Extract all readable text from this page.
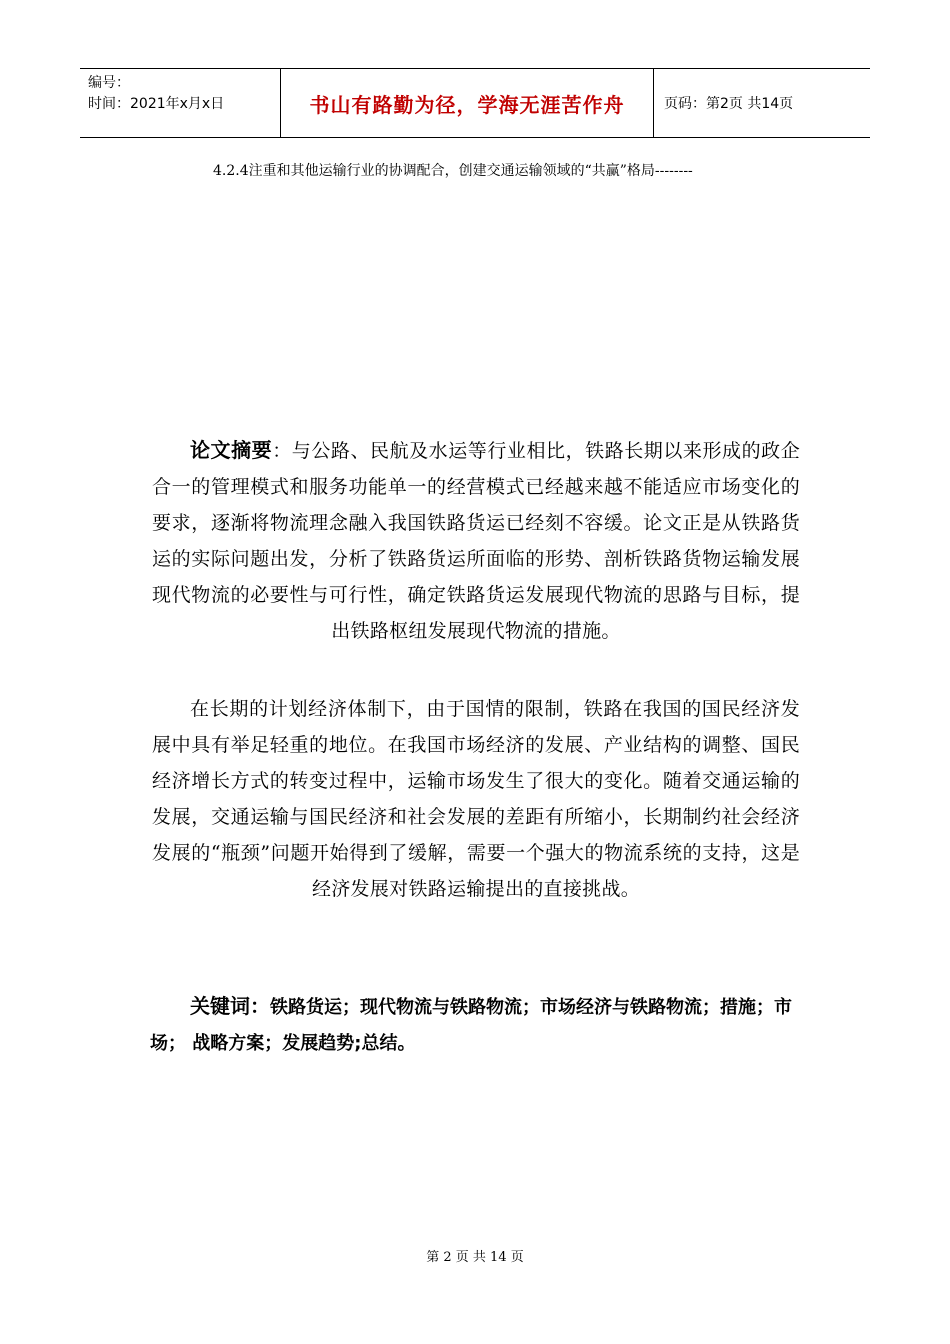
编号：
时间：2021年x月x日	书山有路勤为径，学海无涯苦作舟	页码：第2页 共14页
4.2.4注重和其他运输行业的协调配合，创建交通运输领域的“共赢”格局--------

论文摘要：与公路、民航及水运等行业相比，铁路长期以来形成的政企合一的管理模式和服务功能单一的经营模式已经越来越不能适应市场变化的要求，逐渐将物流理念融入我国铁路货运已经刻不容缓。论文正是从铁路货运的实际问题出发，分析了铁路货运所面临的形势、剖析铁路货物运输发展现代物流的必要性与可行性，确定铁路货运发展现代物流的思路与目标，提出铁路枢纽发展现代物流的措施。

在长期的计划经济体制下，由于国情的限制，铁路在我国的国民经济发展中具有举足轻重的地位。在我国市场经济的发展、产业结构的调整、国民经济增长方式的转变过程中，运输市场发生了很大的变化。随着交通运输的发展，交通运输与国民经济和社会发展的差距有所缩小，长期制约社会经济发展的“瓶颈”问题开始得到了缓解，需要一个强大的物流系统的支持，这是经济发展对铁路运输提出的直接挑战。

关键词：铁路货运；现代物流与铁路物流；市场经济与铁路物流；措施；市场； 战略方案；发展趋势;总结。
第 2 页 共 14 页
